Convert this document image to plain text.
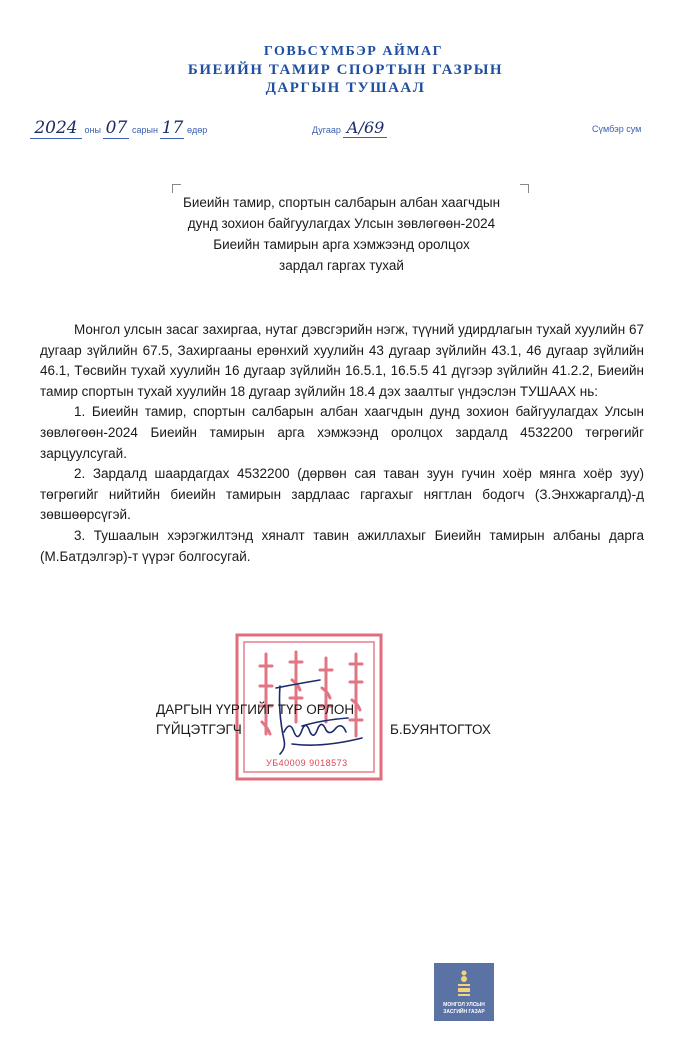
ГОВЬСҮМБЭР АЙМАГ
БИЕИЙН ТАМИР СПОРТЫН ГАЗРЫН
ДАРГЫН ТУШААЛ
2024 оны 07 сарын 17 өдөр	Дугаар А/69	Сүмбэр сум
Биеийн тамир, спортын салбарын албан хаагчдын
дунд зохион байгуулагдах Улсын зөвлөгөөн-2024
Биеийн тамирын арга хэмжээнд оролцох
зардал гаргах тухай

Монгол улсын засаг захиргаа, нутаг дэвсгэрийн нэгж, түүний удирдлагын тухай хуулийн 67 дугаар зүйлийн 67.5, Захиргааны ерөнхий хуулийн 43 дугаар зүйлийн 43.1, 46 дугаар зүйлийн 46.1, Төсвийн тухай хуулийн 16 дугаар зүйлийн 16.5.1, 16.5.5 41 дүгээр зүйлийн 41.2.2, Биеийн тамир спортын тухай хуулийн 18 дугаар зүйлийн 18.4 дэх заалтыг үндэслэн ТУШААХ нь:

1. Биеийн тамир, спортын салбарын албан хаагчдын дунд зохион байгуулагдах Улсын зөвлөгөөн-2024 Биеийн тамирын арга хэмжээнд оролцох зардалд 4532200 төгрөгийг зарцуулсугай.

2. Зардалд шаардагдах 4532200 (дөрвөн сая таван зуун гучин хоёр мянга хоёр зуу) төгрөгийг нийтийн биеийн тамирын зардлаас гаргахыг нягтлан бодогч (З.Энхжаргалд)-д зөвшөөрсүгэй.

3. Тушаалын хэрэгжилтэнд хяналт тавин ажиллахыг Биеийн тамирын албаны дарга (М.Батдэлгэр)-т үүрэг болгосугай.

УБ40009 9018573
ДАРГЫН ҮҮРГИЙГ ТҮР ОРЛОН
ГҮЙЦЭТГЭГЧ	Б.БУЯНТОГТОХ
МОНГОЛ УЛСЫН
ЗАСГИЙН ГАЗАР
